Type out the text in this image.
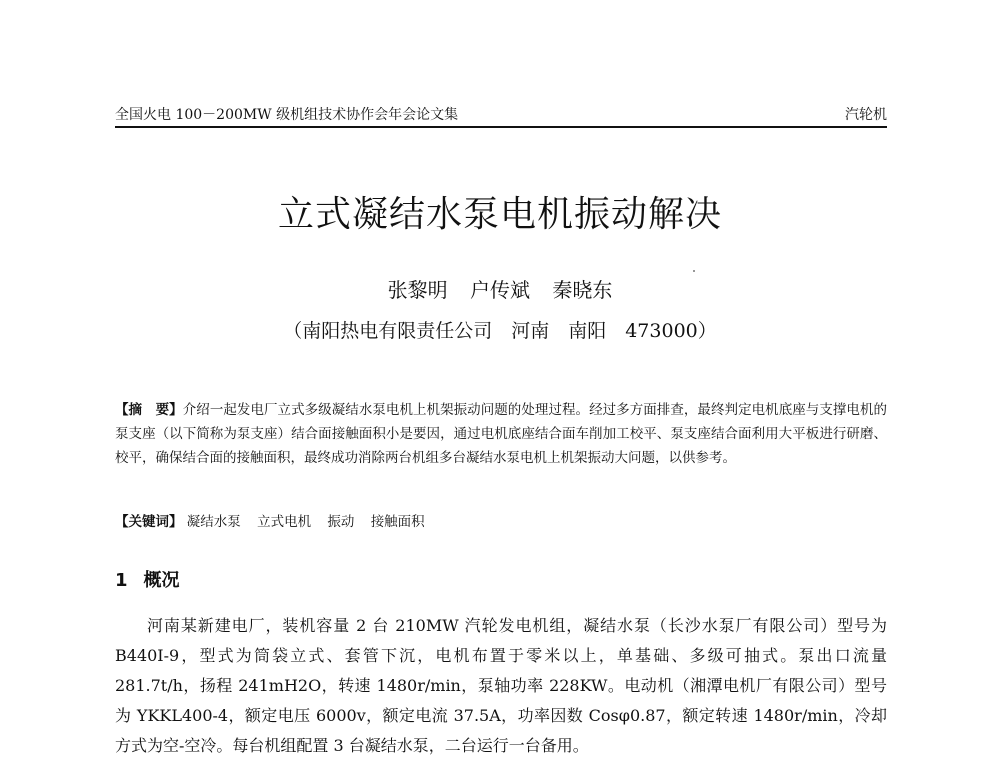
全国火电 100－200MW 级机组技术协作会年会论文集	汽轮机
立式凝结水泵电机振动解决
张黎明 户传斌 秦晓东
（南阳热电有限责任公司　河南　南阳　473000）
【摘　要】介绍一起发电厂立式多级凝结水泵电机上机架振动问题的处理过程。经过多方面排查，最终判定电机底座与支撑电机的泵支座（以下简称为泵支座）结合面接触面积小是要因，通过电机底座结合面车削加工校平、泵支座结合面利用大平板进行研磨、校平，确保结合面的接触面积，最终成功消除两台机组多台凝结水泵电机上机架振动大问题，以供参考。
【关键词】 凝结水泵 立式电机 振动 接触面积
1 概况
河南某新建电厂，装机容量 2 台 210MW 汽轮发电机组，凝结水泵（长沙水泵厂有限公司）型号为 B440I-9，型式为筒袋立式、套管下沉，电机布置于零米以上，单基础、多级可抽式。泵出口流量 281.7t/h，扬程 241mH2O，转速 1480r/min，泵轴功率 228KW。电动机（湘潭电机厂有限公司）型号为 YKKL400-4，额定电压 6000v，额定电流 37.5A，功率因数 Cosφ0.87，额定转速 1480r/min，冷却方式为空-空冷。每台机组配置 3 台凝结水泵，二台运行一台备用。
